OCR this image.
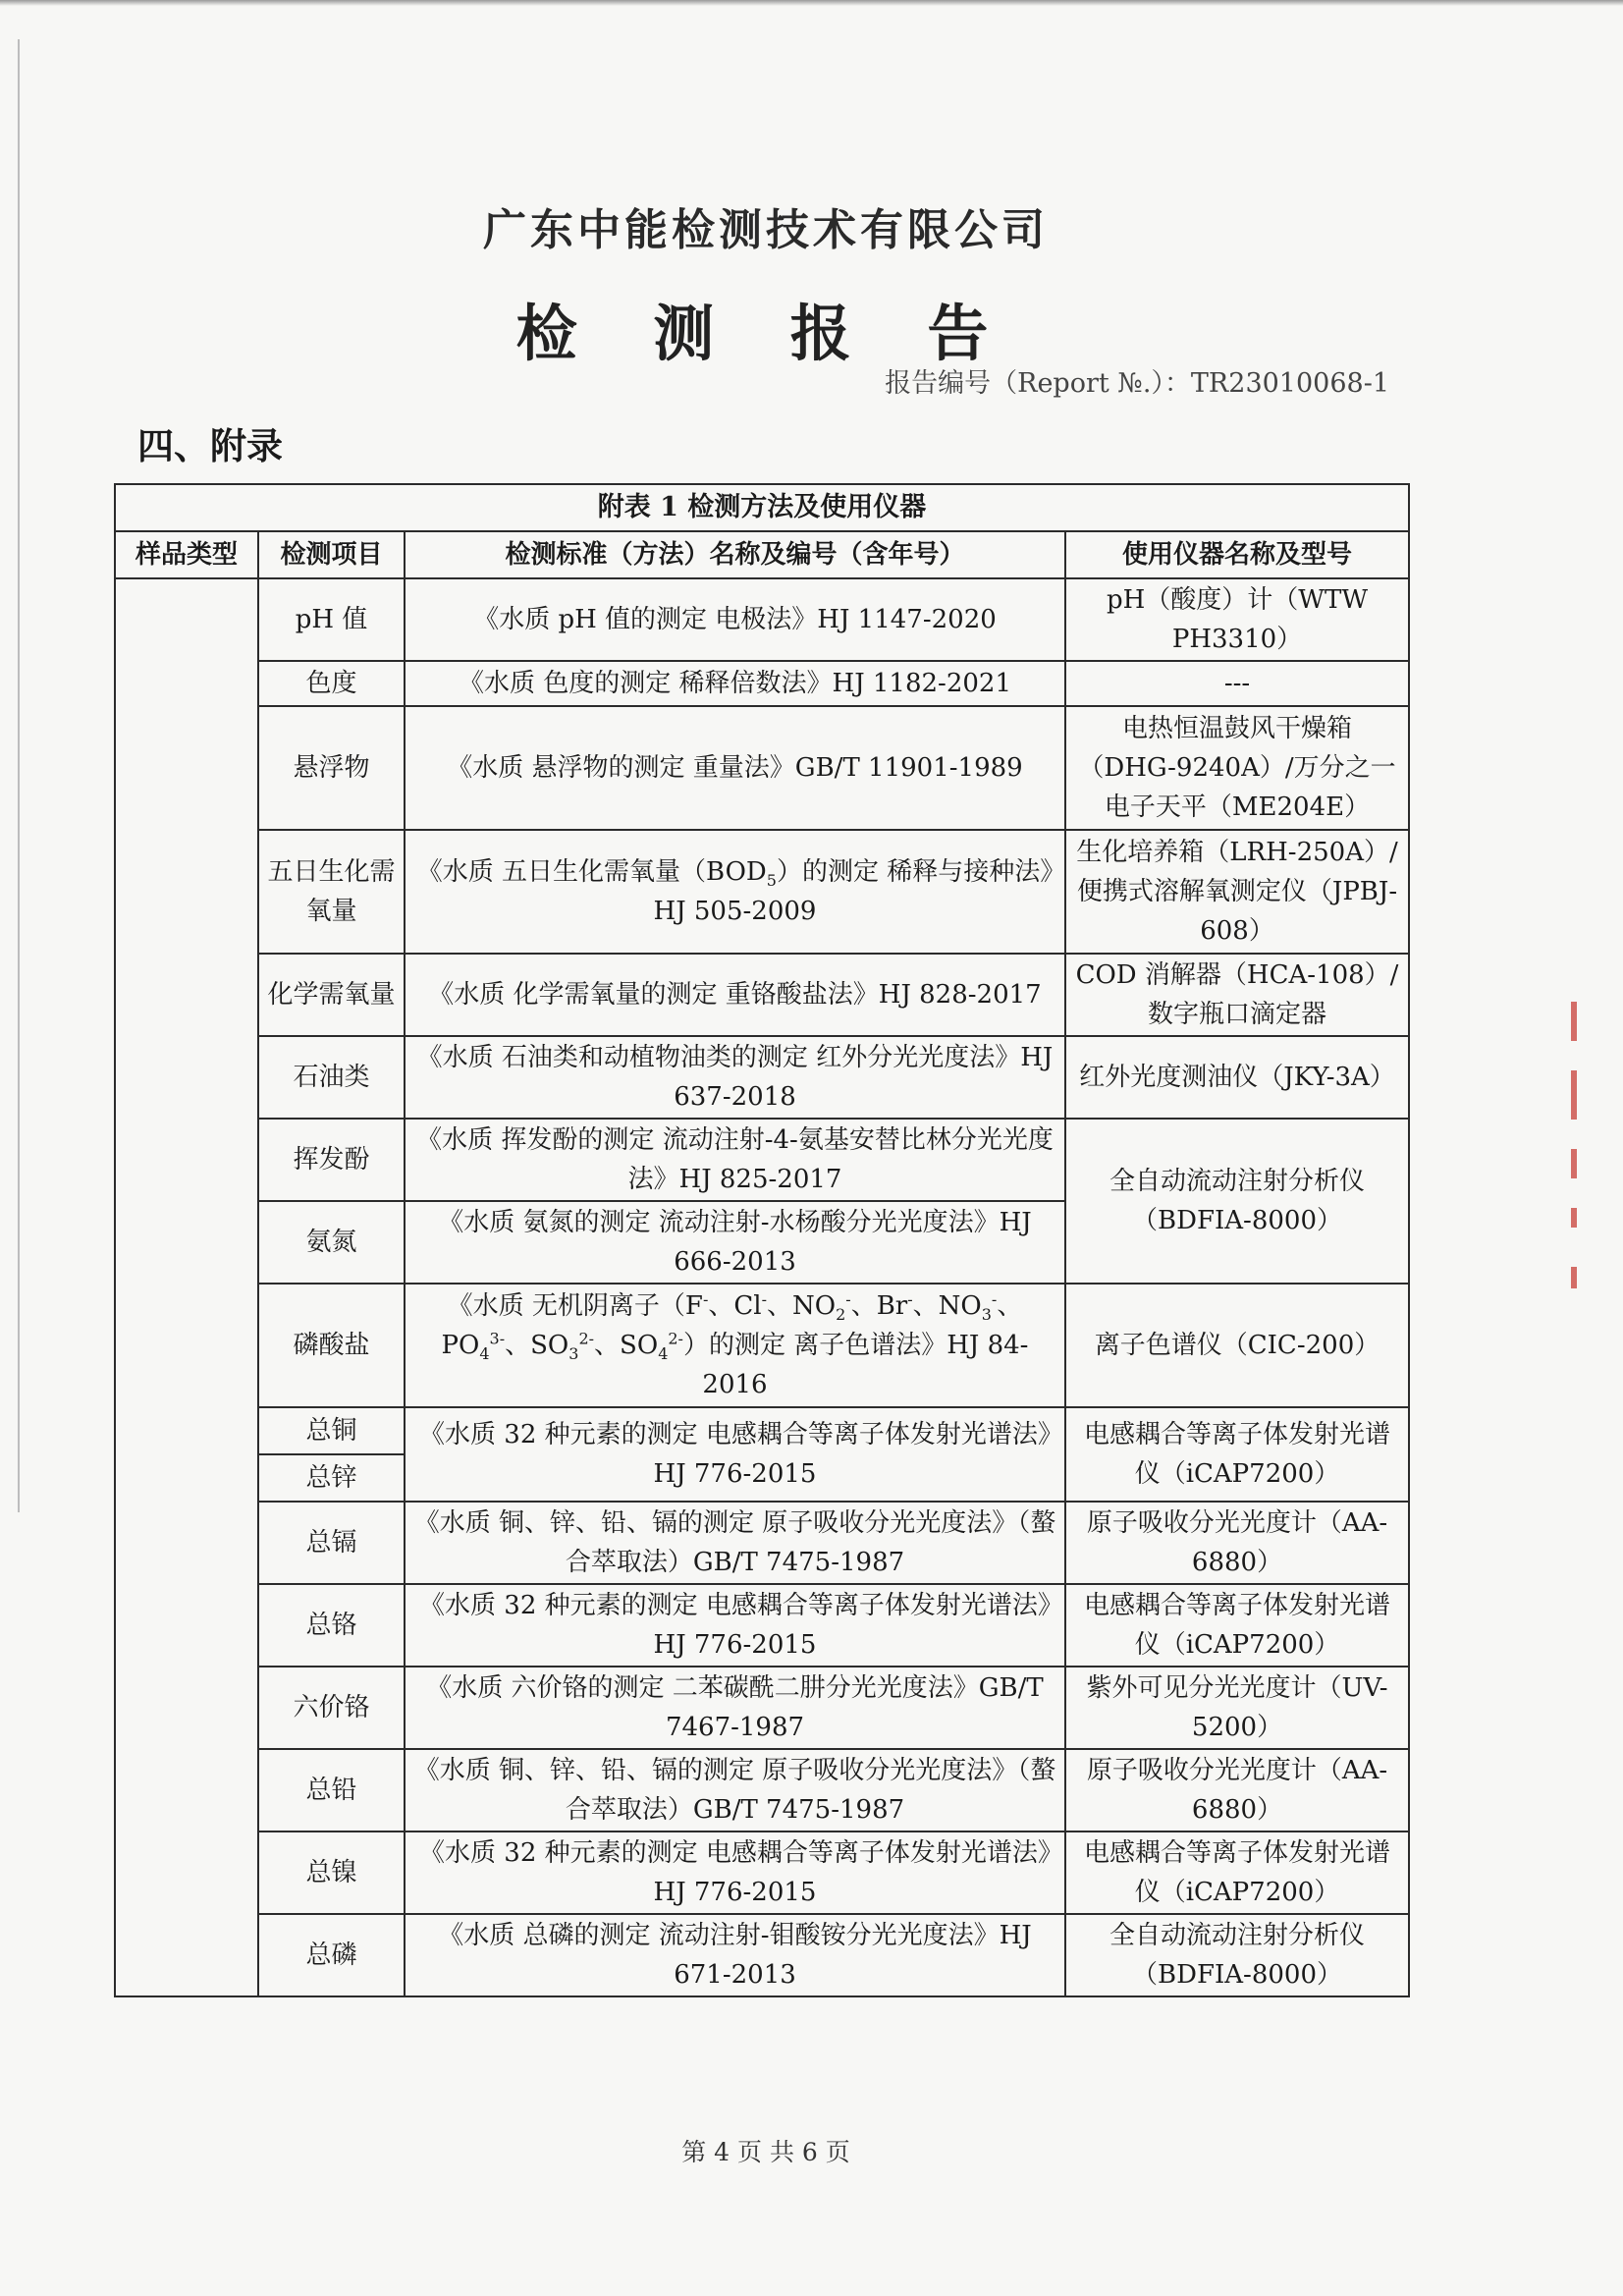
广东中能检测技术有限公司
检 测 报 告
报告编号（Report №.）：TR23010068-1
四、附录
附表 1 检测方法及使用仪器			
样品类型	检测项目	检测标准（方法）名称及编号（含年号）	使用仪器名称及型号
	pH 值	《水质 pH 值的测定 电极法》HJ 1147-2020	pH（酸度）计（WTW PH3310）
	色度	《水质 色度的测定 稀释倍数法》HJ 1182-2021	---
	悬浮物	《水质 悬浮物的测定 重量法》GB/T 11901-1989	电热恒温鼓风干燥箱（DHG-9240A）/万分之一电子天平（ME204E）
	五日生化需氧量	《水质 五日生化需氧量$(BOD_5)$的测定 稀释与接种法》HJ 505-2009	生化培养箱（LRH-250A）/便携式溶解氧测定仪（JPBJ-608）
	化学需氧量	《水质 化学需氧量的测定 重铬酸盐法》HJ 828-2017	COD 消解器（HCA-108）/数字瓶口滴定器
	石油类	《水质 石油类和动植物油类的测定 红外分光光度法》HJ 637-2018	红外光度测油仪（JKY-3A）
	挥发酚	《水质 挥发酚的测定 流动注射-4-氨基安替比林分光光度法》HJ 825-2017	全自动流动注射分析仪（BDFIA-8000）
	氨氮	《水质 氨氮的测定 流动注射-水杨酸分光光度法》HJ 666-2013	
	磷酸盐	《水质 无机阴离子（F-、Cl-、$NO_2^-$、Br-、$NO_3^-$、$PO_4^{3-}$、$SO_3^{2-}$、$SO_4^{2-}$）的测定 离子色谱法》HJ 84-2016	离子色谱仪（CIC-200）
	总铜	《水质 32 种元素的测定 电感耦合等离子体发射光谱法》HJ 776-2015	电感耦合等离子体发射光谱仪（iCAP7200）
	总锌		
	总镉	《水质 铜、锌、铅、镉的测定 原子吸收分光光度法》（螯合萃取法）GB/T 7475-1987	原子吸收分光光度计（AA-6880）
	总铬	《水质 32 种元素的测定 电感耦合等离子体发射光谱法》HJ 776-2015	电感耦合等离子体发射光谱仪（iCAP7200）
	六价铬	《水质 六价铬的测定 二苯碳酰二肼分光光度法》GB/T 7467-1987	紫外可见分光光度计（UV-5200）
	总铅	《水质 铜、锌、铅、镉的测定 原子吸收分光光度法》（螯合萃取法）GB/T 7475-1987	原子吸收分光光度计（AA-6880）
	总镍	《水质 32 种元素的测定 电感耦合等离子体发射光谱法》HJ 776-2015	电感耦合等离子体发射光谱仪（iCAP7200）
	总磷	《水质 总磷的测定 流动注射-钼酸铵分光光度法》HJ 671-2013	全自动流动注射分析仪（BDFIA-8000）
第 4 页 共 6 页
